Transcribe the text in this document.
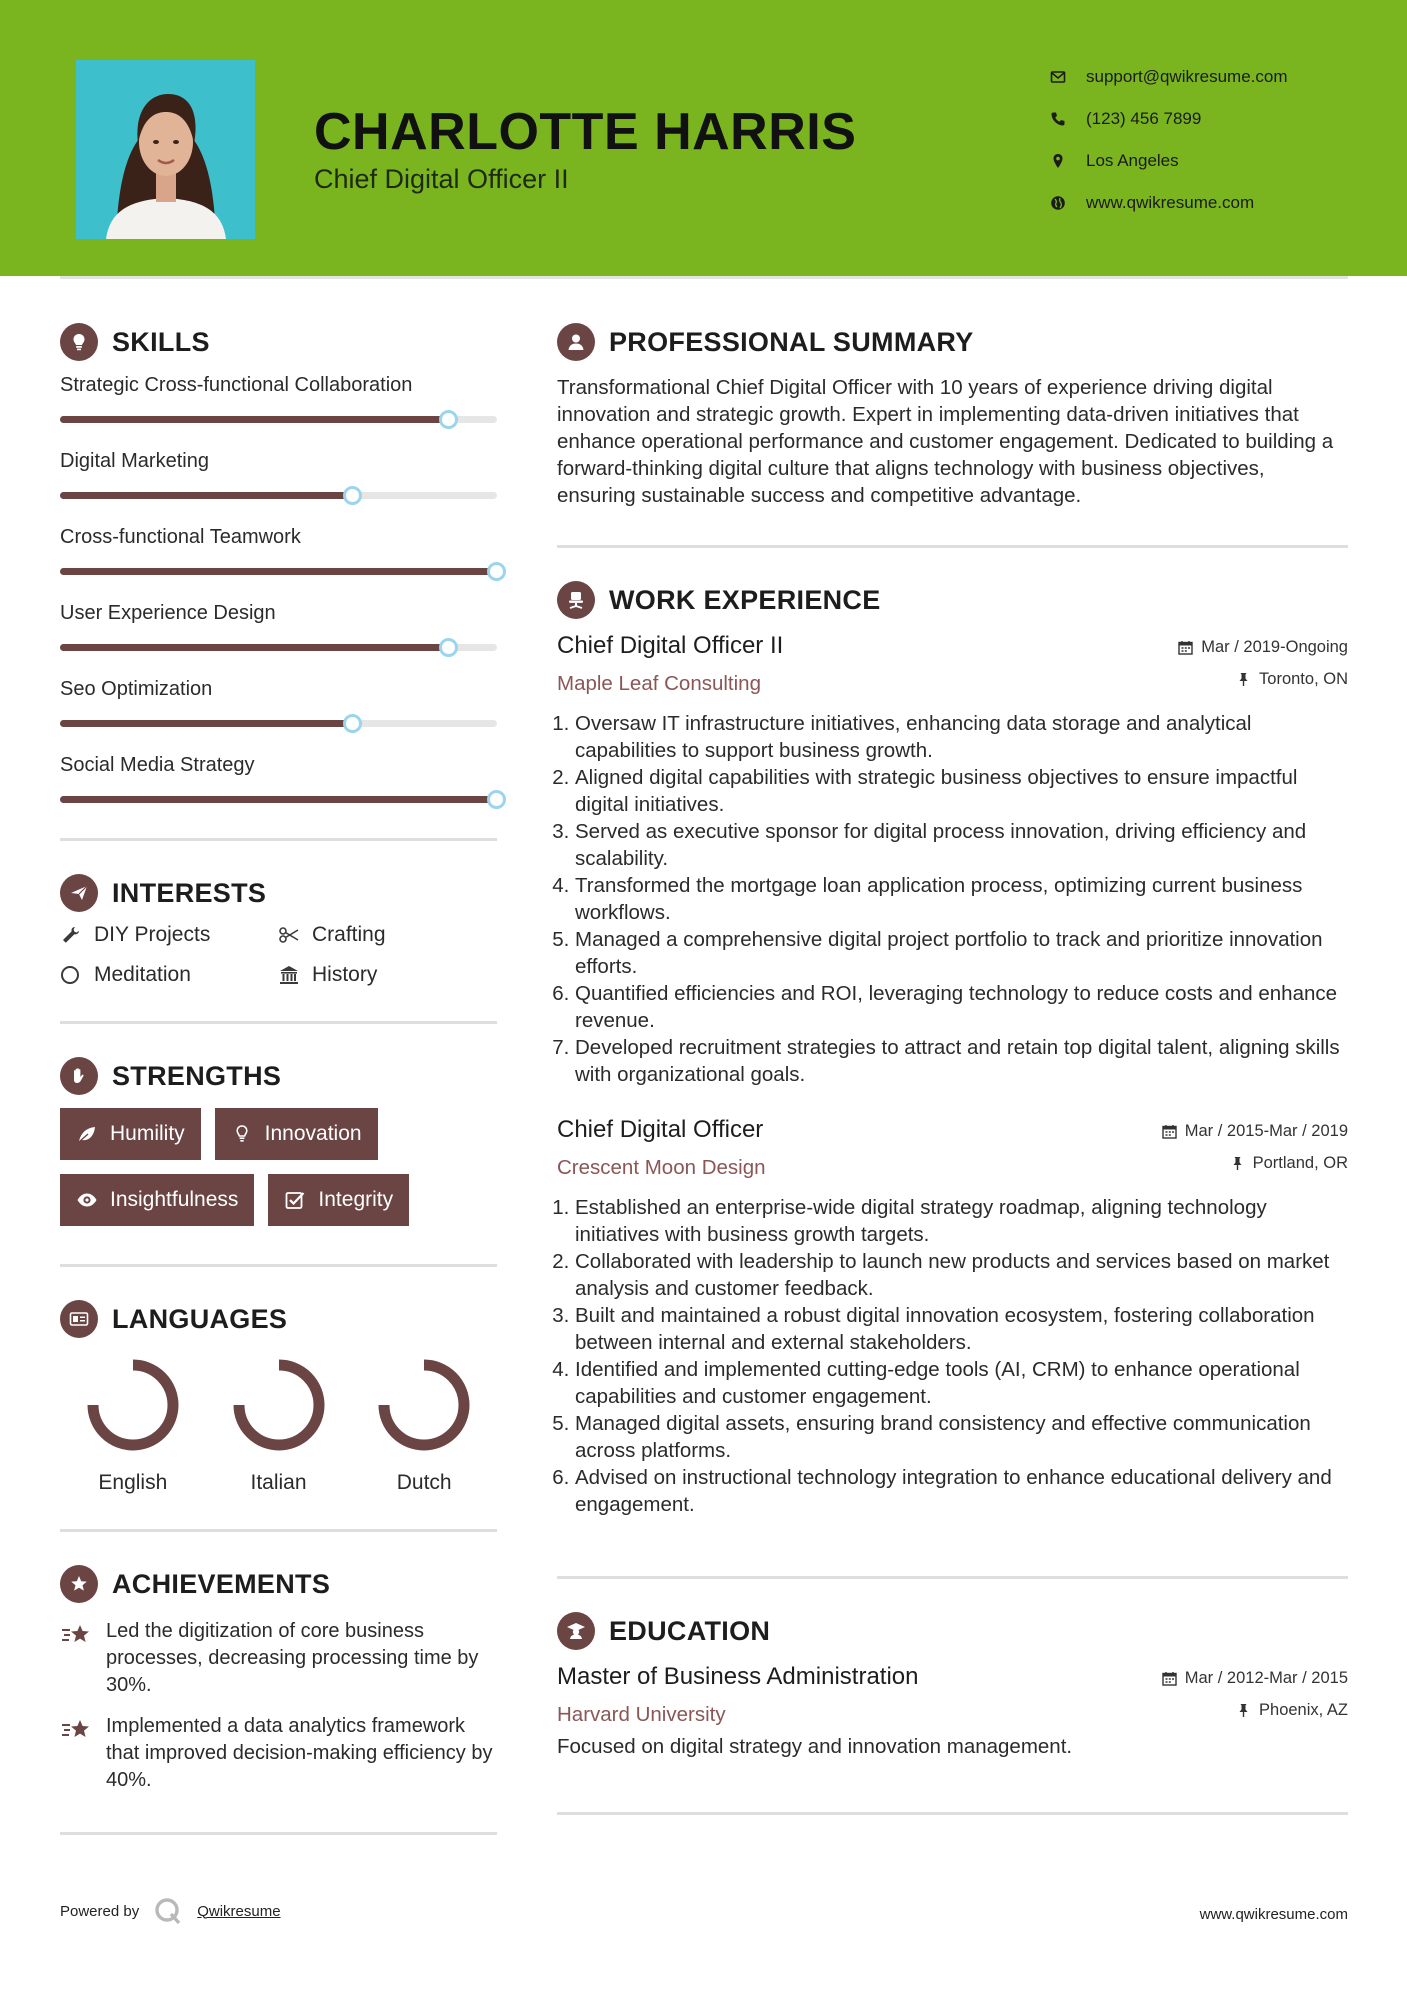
CHARLOTTE HARRIS
Chief Digital Officer II
support@qwikresume.com
(123) 456 7899
Los Angeles
www.qwikresume.com
SKILLS
Strategic Cross-functional Collaboration
Digital Marketing
Cross-functional Teamwork
User Experience Design
Seo Optimization
Social Media Strategy
INTERESTS
DIY Projects	Crafting
Meditation	History
STRENGTHS
Humility	Innovation
Insightfulness	Integrity
LANGUAGES
English	Italian	Dutch
ACHIEVEMENTS
Led the digitization of core business processes, decreasing processing time by 30%.
Implemented a data analytics framework that improved decision-making efficiency by 40%.
PROFESSIONAL SUMMARY
Transformational Chief Digital Officer with 10 years of experience driving digital innovation and strategic growth. Expert in implementing data-driven initiatives that enhance operational performance and customer engagement. Dedicated to building a forward-thinking digital culture that aligns technology with business objectives, ensuring sustainable success and competitive advantage.
WORK EXPERIENCE
Chief Digital Officer II
Maple Leaf Consulting
Mar / 2019-Ongoing
Toronto, ON
1. Oversaw IT infrastructure initiatives, enhancing data storage and analytical capabilities to support business growth.
2. Aligned digital capabilities with strategic business objectives to ensure impactful digital initiatives.
3. Served as executive sponsor for digital process innovation, driving efficiency and scalability.
4. Transformed the mortgage loan application process, optimizing current business workflows.
5. Managed a comprehensive digital project portfolio to track and prioritize innovation efforts.
6. Quantified efficiencies and ROI, leveraging technology to reduce costs and enhance revenue.
7. Developed recruitment strategies to attract and retain top digital talent, aligning skills with organizational goals.
Chief Digital Officer
Crescent Moon Design
Mar / 2015-Mar / 2019
Portland, OR
1. Established an enterprise-wide digital strategy roadmap, aligning technology initiatives with business growth targets.
2. Collaborated with leadership to launch new products and services based on market analysis and customer feedback.
3. Built and maintained a robust digital innovation ecosystem, fostering collaboration between internal and external stakeholders.
4. Identified and implemented cutting-edge tools (AI, CRM) to enhance operational capabilities and customer engagement.
5. Managed digital assets, ensuring brand consistency and effective communication across platforms.
6. Advised on instructional technology integration to enhance educational delivery and engagement.
EDUCATION
Master of Business Administration
Harvard University
Mar / 2012-Mar / 2015
Phoenix, AZ
Focused on digital strategy and innovation management.
Powered by	Qwikresume	www.qwikresume.com
